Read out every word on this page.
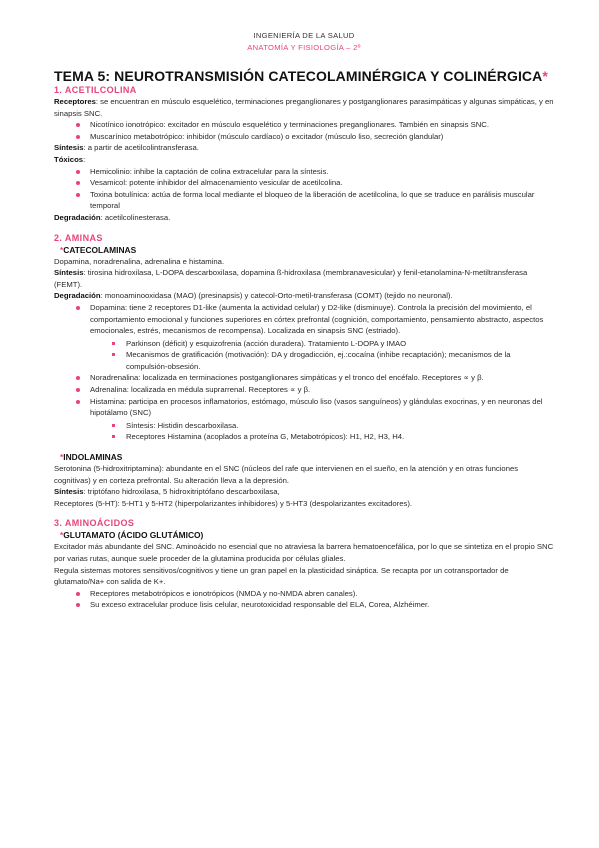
INGENIERÍA DE LA SALUD
ANATOMÍA Y FISIOLOGÍA – 2º
TEMA 5: NEUROTRANSMISIÓN CATECOLAMINÉRGICA Y COLINÉRGICA*
1. ACETILCOLINA

Receptores: se encuentran en músculo esquelético, terminaciones preganglionares y postganglionares parasimpáticas y algunas simpáticas, y en sinapsis SNC.

Nicotínico ionotrópico: excitador en músculo esquelético y terminaciones preganglionares. También en sinapsis SNC.
Muscarínico metabotrópico: inhibidor (músculo cardíaco) o excitador (músculo liso, secreción glandular)

Síntesis: a partir de acetilcolintransferasa.

Tóxicos:

Hemicolinio: inhibe la captación de colina extracelular para la síntesis.
Vesamicol: potente inhibidor del almacenamiento vesicular de acetilcolina.
Toxina botulínica: actúa de forma local mediante el bloqueo de la liberación de acetilcolina, lo que se traduce en parálisis muscular temporal

Degradación: acetilcolinesterasa.

2. AMINAS
*CATECOLAMINAS

Dopamina, noradrenalina, adrenalina e histamina.

Síntesis: tirosina hidroxilasa, L-DOPA descarboxilasa, dopamina ß-hidroxilasa (membranavesicular) y fenil-etanolamina-N-metiltransferasa (FEMT).

Degradación: monoaminooxidasa (MAO) (presinapsis) y catecol-Orto-metil-transferasa (COMT) (tejido no neuronal).

Dopamina: tiene 2 receptores D1-like (aumenta la actividad celular) y D2-like (disminuye). Controla la precisión del movimiento, el comportamiento emocional y funciones superiores en córtex prefrontal (cognición, comportamiento, pensamiento abstracto, aspectos emocionales, estrés, mecanismos de recompensa). Localizada en sinapsis SNC (estriado).
Parkinson (déficit) y esquizofrenia (acción duradera). Tratamiento L-DOPA y IMAO
Mecanismos de gratificación (motivación): DA y drogadicción, ej.:cocaína (inhibe recaptación); mecanismos de la compulsión-obsesión.
Noradrenalina: localizada en terminaciones postganglionares simpáticas y el tronco del encéfalo. Receptores ∝ y β.
Adrenalina: localizada en médula suprarrenal. Receptores ∝ y β.
Histamina: participa en procesos inflamatorios, estómago, músculo liso (vasos sanguíneos) y glándulas exocrinas, y en neuronas del hipotálamo (SNC)
Síntesis: Histidin descarboxilasa.
Receptores Histamina (acoplados a proteína G, Metabotrópicos): H1, H2, H3, H4.
*INDOLAMINAS

Serotonina (5-hidroxitriptamina): abundante en el SNC (núcleos del rafe que intervienen en el sueño, en la atención y en otras funciones cognitivas) y en corteza prefrontal. Su alteración lleva a la depresión.

Síntesis: triptófano hidroxilasa, 5 hidroxitriptófano descarboxilasa,

Receptores (5-HT): 5-HT1 y 5-HT2 (hiperpolarizantes inhibidores) y 5-HT3 (despolarizantes excitadores).

3. AMINOÁCIDOS
*GLUTAMATO (ÁCIDO GLUTÁMICO)

Excitador más abundante del SNC. Aminoácido no esencial que no atraviesa la barrera hematoencefálica, por lo que se sintetiza en el propio SNC por varias rutas, aunque suele proceder de la glutamina producida por células gliales.

Regula sistemas motores sensitivos/cognitivos y tiene un gran papel en la plasticidad sináptica. Se recapta por un cotransportador de glutamato/Na+ con salida de K+.

Receptores metabotrópicos e ionotrópicos (NMDA y no-NMDA abren canales).
Su exceso extracelular produce lisis celular, neurotoxicidad responsable del ELA, Corea, Alzhéimer.
